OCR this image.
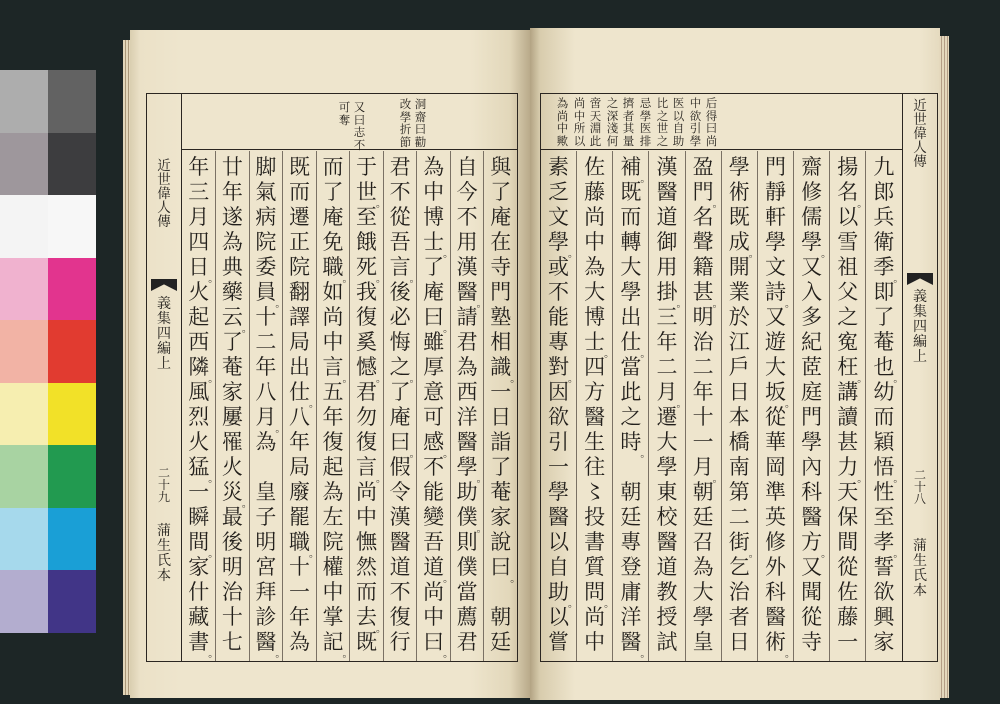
近
世
偉
人
傳
義
集
四
編
上
二
十
九
蒲
生
氏
本
洞
齋
曰
勸
改
學
折
節
又
曰
志
不
可
奪
與
了
庵
在
寺
門
塾
相
識
。
一
日
詣
了
菴
家
說
曰
。

朝
廷
自
今
不
用
漢
醫
。
請
君
為
西
洋
醫
學
。
助
僕
。
則
僕
當
薦
君
為
中
博
士
。
了
庵
曰
。
雖
厚
意
可
感
。
不
能
變
吾
道
。
尚
中
曰
。
君
不
從
吾
言
。
後
必
悔
之
。
了
庵
曰
。
假
令
漢
醫
道
不
復
行
于
世
。
至
餓
死
。
我
復
奚
憾
。
君
勿
復
言
。
尚
中
憮
然
而
去
。
既
而
了
庵
免
職
。
如
尚
中
言
。
五
年
復
起
為
左
院
權
中
掌
記
。
既
而
遷
正
院
翻
譯
局
出
仕
。
八
年
局
廢
罷
職
。
十
一
年
為
脚
氣
病
院
委
員
。
十
二
年
八
月
。
為

皇
子
明
宮
拜
診
醫
。
廿
年
遂
為
典
藥
云
。
了
菴
家
屢
罹
火
災
。
最
後
明
治
十
七
年
三
月
四
日
。
火
起
西
隣
。
風
烈
火
猛
。
一
瞬
間
。
家
什
藏
書
。
近
世
偉
人
傳
義
集
四
編
上
二
十
八
蒲
生
氏
本
后
得
曰
尚
中
欲
引
學
医
以
自
助
比
之
世
之
忌
學
医
排
擠
者
其
量
之
深
淺
何
啻
天
淵
此
尚
中
所
以
為
尚
中
歟
九
郎
兵
衛
季
。
即
了
菴
也
。
幼
而
穎
悟
。
性
至
孝
。
誓
欲
興
家
揚
名
。
以
雪
祖
父
之
寃
枉
。
講
讀
甚
力
。
天
保
間
從
佐
藤
一
齋
修
儒
學
。
又
入
多
紀
茝
庭
門
學
內
科
醫
方
。
又
聞
從
寺
門
靜
軒
學
文
詩
。
又
遊
大
坂
。
從
華
岡
準
英
修
外
科
醫
術
。
學
術
既
成
。
開
業
於
江
戶
日
本
橋
南
第
二
街
。
乞
治
者
日
盈
門
。
名
聲
籍
甚
。
明
治
二
年
十
一
月
。
朝
廷
召
為
大
學
皇
漢
醫
道
御
用
掛
。
三
年
二
月
。
遷
大
學
東
校
醫
道
教
授
試
補
。
既
而
轉
大
學
出
仕
。
當
此
之
時
。

朝
廷
專
登
庸
洋
醫
。
佐
藤
尚
中
為
大
博
士
。
四
方
醫
生
往
〻
投
書
質
問
。
尚
中
素
乏
文
學
。
或
不
能
專
對
。
因
欲
引
一
學
醫
以
自
助
。
以
嘗
